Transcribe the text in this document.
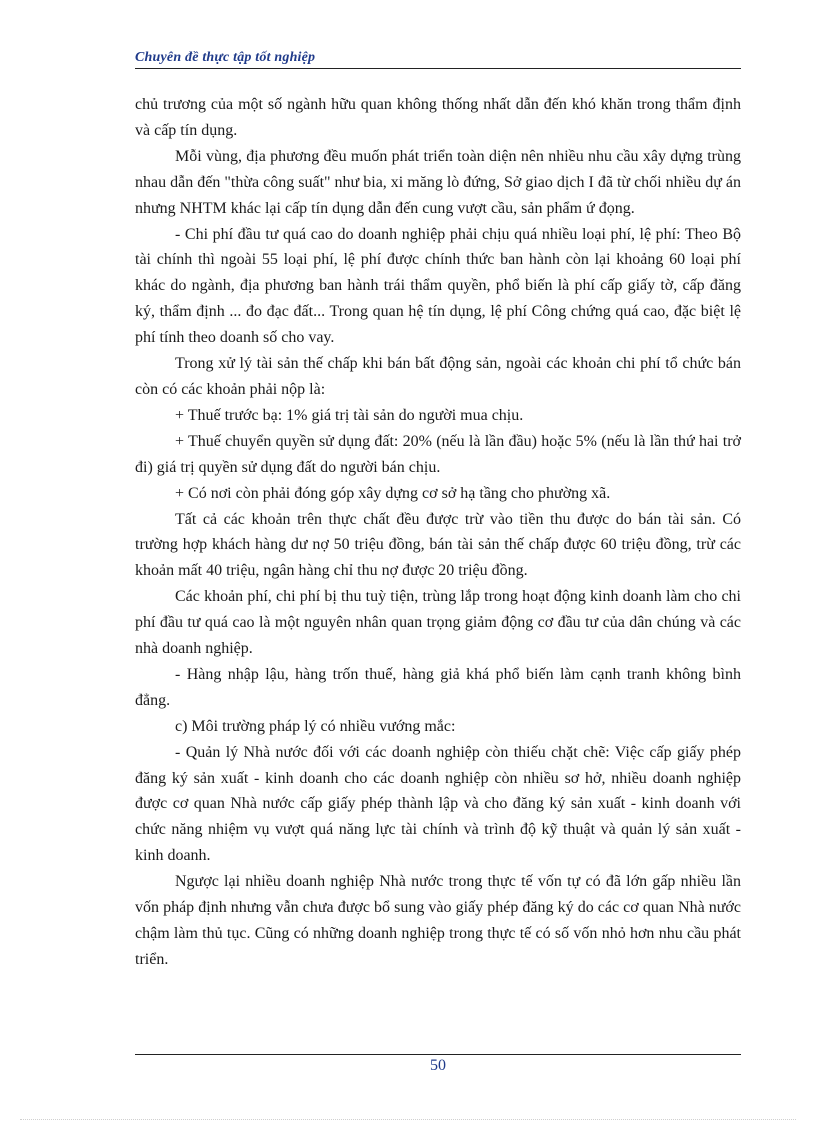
Chuyên đề thực tập tốt nghiệp

chủ trương của một số ngành hữu quan không thống nhất dẫn đến khó khăn trong thẩm định và cấp tín dụng.

Mỗi vùng, địa phương đều muốn phát triển toàn diện nên nhiều nhu cầu xây dựng trùng nhau dẫn đến "thừa công suất" như bia, xi măng lò đứng, Sở giao dịch I đã từ chối nhiều dự án nhưng NHTM khác lại cấp tín dụng dẫn đến cung vượt cầu, sản phẩm ứ đọng.

- Chi phí đầu tư quá cao do doanh nghiệp phải chịu quá nhiều loại phí, lệ phí: Theo Bộ tài chính thì ngoài 55 loại phí, lệ phí được chính thức ban hành còn lại khoảng 60 loại phí khác do ngành, địa phương ban hành trái thẩm quyền, phổ biến là phí cấp giấy tờ, cấp đăng ký, thẩm định ... đo đạc đất... Trong quan hệ tín dụng, lệ phí Công chứng quá cao, đặc biệt lệ phí tính theo doanh số cho vay.

Trong xử lý tài sản thế chấp khi bán bất động sản, ngoài các khoản chi phí tổ chức bán còn có các khoản phải nộp là:

+ Thuế trước bạ: 1% giá trị tài sản do người mua chịu.

+ Thuế chuyển quyền sử dụng đất: 20% (nếu là lần đầu) hoặc 5% (nếu là lần thứ hai trở đi) giá trị quyền sử dụng đất do người bán chịu.

+ Có nơi còn phải đóng góp xây dựng cơ sở hạ tầng cho phường xã.

Tất cả các khoản trên thực chất đều được trừ vào tiền thu được do bán tài sản. Có trường hợp khách hàng dư nợ 50 triệu đồng, bán tài sản thế chấp được 60 triệu đồng, trừ các khoản mất 40 triệu, ngân hàng chỉ thu nợ được 20 triệu đồng.

Các khoản phí, chi phí bị thu tuỳ tiện, trùng lắp trong hoạt động kinh doanh làm cho chi phí đầu tư quá cao là một nguyên nhân quan trọng giảm động cơ đầu tư của dân chúng và các nhà doanh nghiệp.

- Hàng nhập lậu, hàng trốn thuế, hàng giả khá phổ biến làm cạnh tranh không bình đẳng.

c) Môi trường pháp lý có nhiều vướng mắc:

- Quản lý Nhà nước đối với các doanh nghiệp còn thiếu chặt chẽ: Việc cấp giấy phép đăng ký sản xuất - kinh doanh cho các doanh nghiệp còn nhiều sơ hở, nhiều doanh nghiệp được cơ quan Nhà nước cấp giấy phép thành lập và cho đăng ký sản xuất - kinh doanh với chức năng nhiệm vụ vượt quá năng lực tài chính và trình độ kỹ thuật và quản lý sản xuất - kinh doanh.

Ngược lại nhiều doanh nghiệp Nhà nước trong thực tế vốn tự có đã lớn gấp nhiều lần vốn pháp định nhưng vẫn chưa được bổ sung vào giấy phép đăng ký do các cơ quan Nhà nước chậm làm thủ tục. Cũng có những doanh nghiệp trong thực tế có số vốn nhỏ hơn nhu cầu phát triển.

50
